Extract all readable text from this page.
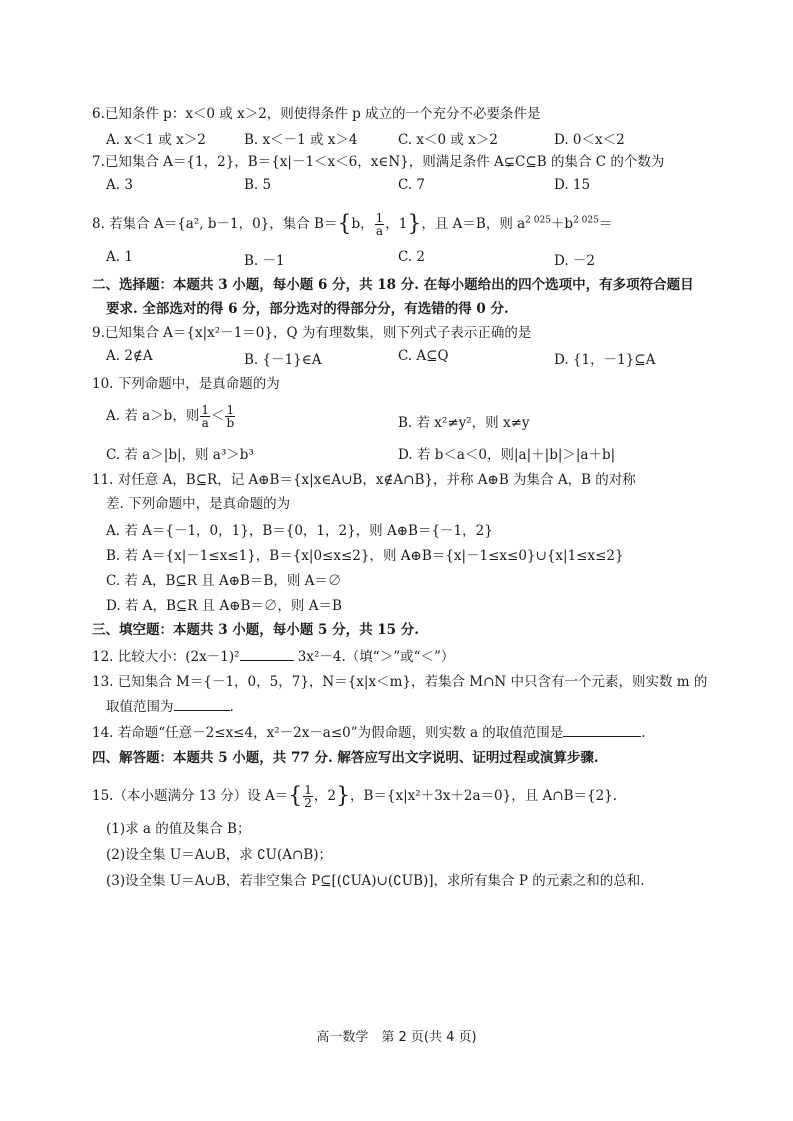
6.已知条件 p：x＜0 或 x＞2，则使得条件 p 成立的一个充分不必要条件是
A. x＜1 或 x＞2	B. x＜－1 或 x＞4	C. x＜0 或 x＞2	D. 0＜x＜2
7.已知集合 A＝{1，2}，B＝{x|－1＜x＜6，x∈N}，则满足条件 A⊊C⊆B 的集合 C 的个数为
A. 3	B. 5	C. 7	D. 15
8. 若集合 A＝{a², b－1，0}，集合 B＝{b， $\frac{1}{a}$ ，1}，且 A＝B，则 $a^{2 025}+b^{2 025}=$
A. 1	B. －1	C. 2	D. －2
二、选择题：本题共 3 小题，每小题 6 分，共 18 分. 在每小题给出的四个选项中，有多项符合题目
要求. 全部选对的得 6 分，部分选对的得部分分，有选错的得 0 分.
9.已知集合 A＝{x|x²－1＝0}，Q 为有理数集，则下列式子表示正确的是
A. 2∉A	B. {－1}∈A	C. A⊆Q	D. {1，－1}⊆A
10. 下列命题中，是真命题的为
A. 若 a＞b，则 $\frac{1}{a} < \frac{1}{b}$	B. 若 x²≠y²，则 x≠y
C. 若 a＞|b|，则 a³＞b³	D. 若 b＜a＜0，则|a|＋|b|＞|a＋b|
11. 对任意 A，B⊆R，记 A⊕B＝{x|x∈A∪B，x∉A∩B}，并称 A⊕B 为集合 A，B 的对称
差. 下列命题中，是真命题的为
A. 若 A＝{－1，0，1}，B＝{0，1，2}，则 A⊕B＝{－1，2}
B. 若 A＝{x|－1≤x≤1}，B＝{x|0≤x≤2}，则 A⊕B＝{x|－1≤x≤0}∪{x|1≤x≤2}
C. 若 A，B⊆R 且 A⊕B＝B，则 A＝∅
D. 若 A，B⊆R 且 A⊕B＝∅，则 A＝B
三、填空题：本题共 3 小题，每小题 5 分，共 15 分.
12. 比较大小：(2x－1)²	3x²－4.（填“＞”或“＜”）
13. 已知集合 M＝{－1，0，5，7}，N＝{x|x＜m}，若集合 M∩N 中只含有一个元素，则实数 m 的
取值范围为	.
14. 若命题“任意－2≤x≤4，x²－2x－a≤0”为假命题，则实数 a 的取值范围是	.
四、解答题：本题共 5 小题，共 77 分. 解答应写出文字说明、证明过程或演算步骤.
15.（本小题满分 13 分）设 $A=\{ \frac{1}{2}$ ，2}，B＝{x|x²＋3x＋2a＝0}，且 A∩B＝{2}.
(1)求 a 的值及集合 B；
(2)设全集 U＝A∪B，求 ∁U(A∩B)；
(3)设全集 U＝A∪B，若非空集合 P⊆[(∁UA)∪(∁UB)]，求所有集合 P 的元素之和的总和.
高一数学　第 2 页(共 4 页)
